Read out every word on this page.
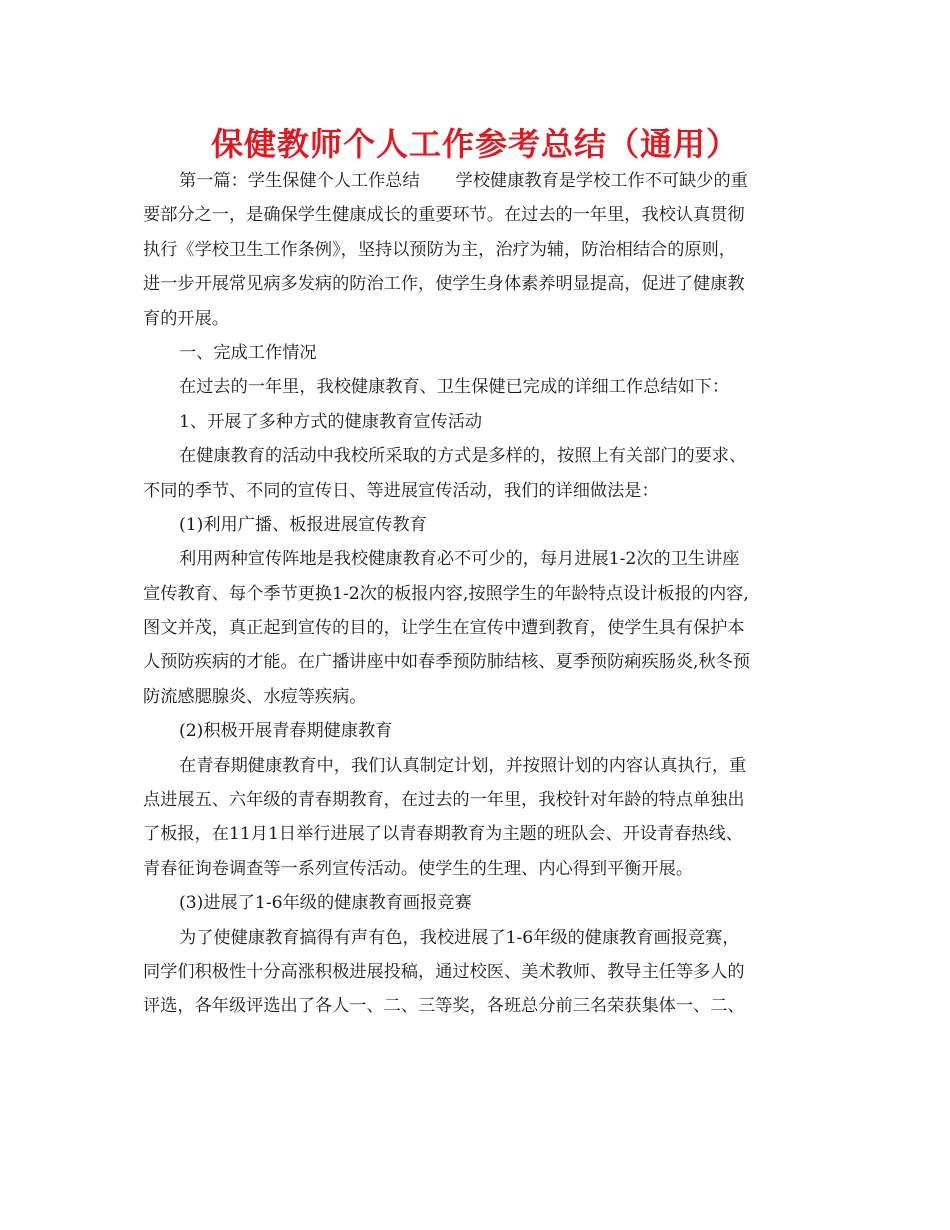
保健教师个人工作参考总结（通用）
第一篇：学生保健个人工作总结 学校健康教育是学校工作不可缺少的重
要部分之一，是确保学生健康成长的重要环节。在过去的一年里，我校认真贯彻
执行《学校卫生工作条例》，坚持以预防为主，治疗为辅，防治相结合的原则，
进一步开展常见病多发病的防治工作，使学生身体素养明显提高，促进了健康教
育的开展。
一、完成工作情况
在过去的一年里，我校健康教育、卫生保健已完成的详细工作总结如下：
1、开展了多种方式的健康教育宣传活动
在健康教育的活动中我校所采取的方式是多样的，按照上有关部门的要求、
不同的季节、不同的宣传日、等进展宣传活动，我们的详细做法是：
(1)利用广播、板报进展宣传教育
利用两种宣传阵地是我校健康教育必不可少的，每月进展1-2次的卫生讲座
宣传教育、每个季节更换1-2次的板报内容,按照学生的年龄特点设计板报的内容,
图文并茂，真正起到宣传的目的，让学生在宣传中遭到教育，使学生具有保护本
人预防疾病的才能。在广播讲座中如春季预防肺结核、夏季预防痢疾肠炎,秋冬预
防流感腮腺炎、水痘等疾病。
(2)积极开展青春期健康教育
在青春期健康教育中，我们认真制定计划，并按照计划的内容认真执行，重
点进展五、六年级的青春期教育，在过去的一年里，我校针对年龄的特点单独出
了板报，在11月1日举行进展了以青春期教育为主题的班队会、开设青春热线、
青春征询卷调查等一系列宣传活动。使学生的生理、内心得到平衡开展。
(3)进展了1-6年级的健康教育画报竞赛
为了使健康教育搞得有声有色，我校进展了1-6年级的健康教育画报竞赛，
同学们积极性十分高涨积极进展投稿，通过校医、美术教师、教导主任等多人的
评选，各年级评选出了各人一、二、三等奖，各班总分前三名荣获集体一、二、
